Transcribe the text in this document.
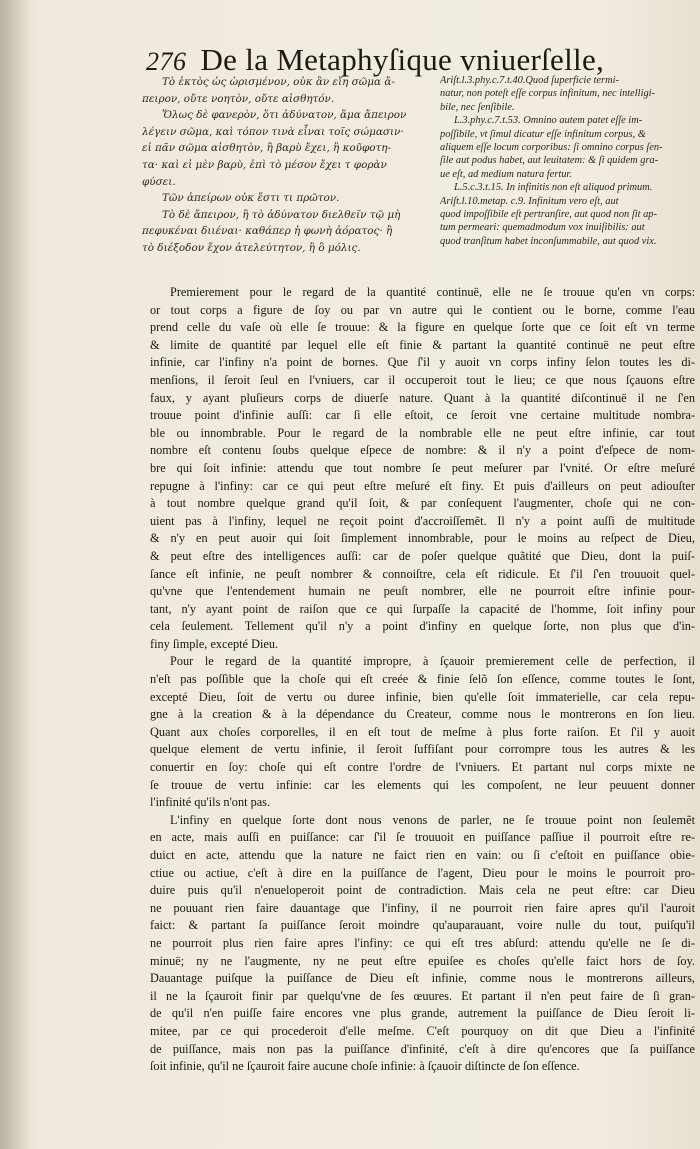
276 De la Metaphyſique vniuerſelle,
Τὸ ἐκτὸς ὡς ὡρισμένον, οὐκ ἂν εἴη σῶμα ἄ-
πειρον, οὔτε νοητὸν, οὔτε αἰσθητόν.
Ὅλως δὲ φανερὸν, ὅτι ἀδύνατον, ἅμα ἄπειρον
λέγειν σῶμα, καὶ τόπον τινὰ εἶναι τοῖς σώμασιν·
εἰ πᾶν σῶμα αἰσθητὸν, ἢ βαρὺ ἔχει, ἢ κοῦφοτη-
τα· καὶ εἰ μὲν βαρὺ, ἐπὶ τὸ μέσον ἔχει τ φορὰν
φύσει.
Τῶν ἀπείρων οὐκ ἔστι τι πρῶτον.
Τὸ δὲ ἄπειρον, ἢ τὸ ἀδύνατον διελθεῖν τῷ μὴ
πεφυκέναι διιέναι· καθάπερ ἡ φωνὴ ἀόρατος· ἢ
τὸ διέξοδον ἔχον ἀτελεύτητον, ἢ ὃ μόλις.
Ariſt.l.3.phy.c.7.t.40.Quod ſuperficie termi-
natur, non poteſt eſſe corpus infinitum, nec intelligi-
bile, nec ſenſibile.
L.3.phy.c.7.t.53. Omnino autem patet eſſe im-
poſſibile, vt ſimul dicatur eſſe infinitum corpus, &
aliquem eſſe locum corporibus: ſi omnino corpus ſen-
ſile aut podus habet, aut leuitatem: & ſi quidem gra-
ue eſt, ad medium natura fertur.
L.5.c.3.t.15. In infinitis non eſt aliquod primum.
Ariſt.l.10.metap. c.9. Infinitum vero eſt, aut
quod impoſſibile eſt pertranſire, aut quod non ſit ap-
tum permeari: quemadmodum vox inuiſibilis: aut
quod tranſitum habet inconſummabile, aut quod vix.
Premierement pour le regard de la quantité continuë, elle ne ſe trouue qu'en vn corps:
or tout corps a figure de ſoy ou par vn autre qui le contient ou le borne, comme l'eau
prend celle du vaſe où elle ſe trouue: & la figure en quelque ſorte que ce ſoit eſt vn terme
& limite de quantité par lequel elle eſt finie & partant la quantité continuë ne peut eſtre
infinie, car l'infiny n'a point de bornes. Que ſ'il y auoit vn corps infiny ſelon toutes les di-
menſions, il ſeroit ſeul en l'vniuers, car il occuperoit tout le lieu; ce que nous ſçauons eſtre
faux, y ayant pluſieurs corps de diuerſe nature. Quant à la quantité diſcontinuë il ne ſ'en
trouue point d'infinie auſſi: car ſi elle eſtoit, ce ſeroit vne certaine multitude nombra-
ble ou innombrable. Pour le regard de la nombrable elle ne peut eſtre infinie, car tout
nombre eſt contenu ſoubs quelque eſpece de nombre: & il n'y a point d'eſpece de nom-
bre qui ſoit infinie: attendu que tout nombre ſe peut meſurer par l'vnité. Or eſtre meſuré
repugne à l'infiny: car ce qui peut eſtre meſuré eſt finy. Et puis d'ailleurs on peut adiouſter
à tout nombre quelque grand qu'il ſoit, & par conſequent l'augmenter, choſe qui ne con-
uient pas à l'infiny, lequel ne reçoit point d'accroiſſemẽt. Il n'y a point auſſi de multitude
& n'y en peut auoir qui ſoit ſimplement innombrable, pour le moins au reſpect de Dieu,
& peut eſtre des intelligences auſſi: car de poſer quelque quãtité que Dieu, dont la puiſ-
ſance eſt infinie, ne peuſt nombrer & connoiſtre, cela eſt ridicule. Et ſ'il ſ'en trouuoit quel-
qu'vne que l'entendement humain ne peuſt nombrer, elle ne pourroit eſtre infinie pour-
tant, n'y ayant point de raiſon que ce qui ſurpaſſe la capacité de l'homme, ſoit infiny pour
cela ſeulement. Tellement qu'il n'y a point d'infiny en quelque ſorte, non plus que d'in-
finy ſimple, excepté Dieu.
Pour le regard de la quantité impropre, à ſçauoir premierement celle de perfection, il
n'eſt pas poſſible que la choſe qui eſt creée & finie ſelõ ſon eſſence, comme toutes le ſont,
excepté Dieu, ſoit de vertu ou duree infinie, bien qu'elle ſoit immaterielle, car cela repu-
gne à la creation & à la dépendance du Createur, comme nous le montrerons en ſon lieu.
Quant aux choſes corporelles, il en eſt tout de meſme à plus forte raiſon. Et ſ'il y auoit
quelque element de vertu infinie, il ſeroit ſuffiſant pour corrompre tous les autres & les
conuertir en ſoy: choſe qui eſt contre l'ordre de l'vniuers. Et partant nul corps mixte ne
ſe trouue de vertu infinie: car les elements qui les compoſent, ne leur peuuent donner
l'infinité qu'ils n'ont pas.
L'infiny en quelque ſorte dont nous venons de parler, ne ſe trouue point non ſeulemẽt
en acte, mais auſſi en puiſſance: car ſ'il ſe trouuoit en puiſſance paſſiue il pourroit eſtre re-
duict en acte, attendu que la nature ne faict rien en vain: ou ſi c'eſtoit en puiſſance obie-
ctiue ou actiue, c'eſt à dire en la puiſſance de l'agent, Dieu pour le moins le pourroit pro-
duire puis qu'il n'enueloperoit point de contradiction. Mais cela ne peut eſtre: car Dieu
ne pouuant rien faire dauantage que l'infiny, il ne pourroit rien faire apres qu'il l'auroit
faict: & partant ſa puiſſance ſeroit moindre qu'auparauant, voire nulle du tout, puiſqu'il
ne pourroit plus rien faire apres l'infiny: ce qui eſt tres abſurd: attendu qu'elle ne ſe di-
minuë; ny ne l'augmente, ny ne peut eſtre epuiſee es choſes qu'elle faict hors de ſoy.
Dauantage puiſque la puiſſance de Dieu eſt infinie, comme nous le montrerons ailleurs,
il ne la ſçauroit finir par quelqu'vne de ſes œuures. Et partant il n'en peut faire de ſi gran-
de qu'il n'en puiſſe faire encores vne plus grande, autrement la puiſſance de Dieu ſeroit li-
mitee, par ce qui procederoit d'elle meſme. C'eſt pourquoy on dit que Dieu a l'infinité
de puiſſance, mais non pas la puiſſance d'infinité, c'eſt à dire qu'encores que ſa puiſſance
ſoit infinie, qu'il ne ſçauroit faire aucune choſe infinie: à ſçauoir diſtincte de ſon eſſence.
